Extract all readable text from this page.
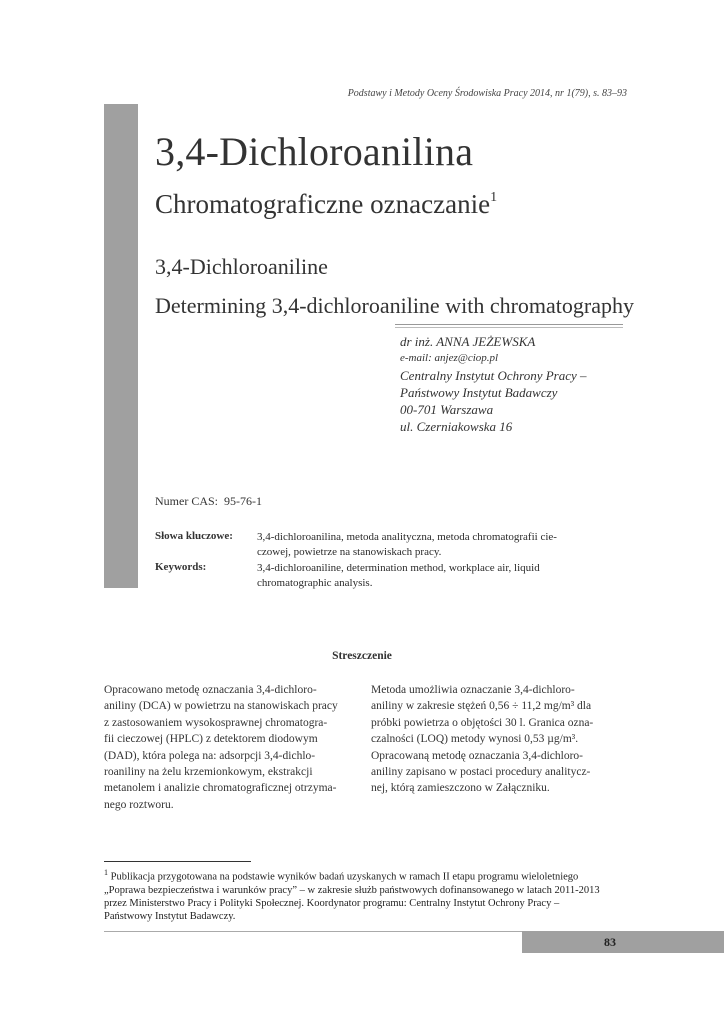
Podstawy i Metody Oceny Środowiska Pracy 2014, nr 1(79), s. 83–93
3,4-Dichloroanilina
Chromatograficzne oznaczanie$^1$
3,4-Dichloroaniline
Determining 3,4-dichloroaniline with chromatography
dr inż. ANNA JEŻEWSKA
e-mail: anjez@ciop.pl
Centralny Instytut Ochrony Pracy –
Państwowy Instytut Badawczy
00-701 Warszawa
ul. Czerniakowska 16
Numer CAS: 95-76-1
Słowa kluczowe: 3,4-dichloroanilina, metoda analityczna, metoda chromatografii cie-
czowej, powietrze na stanowiskach pracy.
Keywords:	3,4-dichloroaniline, determination method, workplace air, liquid
chromatographic analysis.
Streszczenie
Opracowano metodę oznaczania 3,4-dichloro-
aniliny (DCA) w powietrzu na stanowiskach pracy
z zastosowaniem wysokosprawnej chromatogra-
fii cieczowej (HPLC) z detektorem diodowym
(DAD), która polega na: adsorpcji 3,4-dichlo-
roaniliny na żelu krzemionkowym, ekstrakcji
metanolem i analizie chromatograficznej otrzyma-
nego roztworu.
Metoda umożliwia oznaczanie 3,4-dichloro-
aniliny w zakresie stężeń 0,56 ÷ 11,2 mg/m³ dla
próbki powietrza o objętości 30 l. Granica ozna-
czalności (LOQ) metody wynosi 0,53 µg/m³.
Opracowaną metodę oznaczania 3,4-dichloro-
aniliny zapisano w postaci procedury analitycz-
nej, którą zamieszczono w Załączniku.
$^1$ Publikacja przygotowana na podstawie wyników badań uzyskanych w ramach II etapu programu wieloletniego
„Poprawa bezpieczeństwa i warunków pracy” – w zakresie służb państwowych dofinansowanego w latach 2011-2013
przez Ministerstwo Pracy i Polityki Społecznej. Koordynator programu: Centralny Instytut Ochrony Pracy –
Państwowy Instytut Badawczy.
83
